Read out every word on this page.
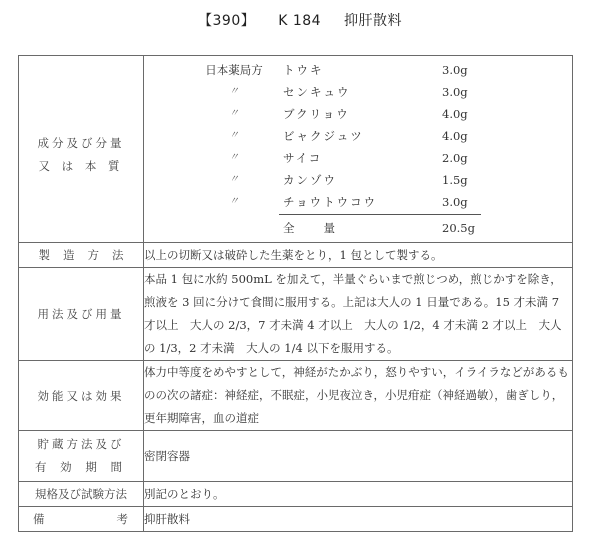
【390】 K 184 抑肝散料
成分及び分量
又 は 本 質

日本薬局方	トウキ	3.0g
〃	センキュウ	3.0g
〃	ブクリョウ	4.0g
〃	ビャクジュツ	4.0g
〃	サイコ	2.0g
〃	カンゾウ	1.5g
〃	チョウトウコウ	3.0g
全　　量	20.5g

製造方法	以上の切断又は破砕した生薬をとり，1 包として製する。
用法及び用量	本品 1 包に水約 500mL を加えて，半量ぐらいまで煎じつめ，煎じかすを除き，煎液を 3 回に分けて食間に服用する。上記は大人の 1 日量である。15 才未満 7 才以上　大人の 2/3，7 才未満 4 才以上　大人の 1/2，4 才未満 2 才以上　大人の 1/3，2 才未満　大人の 1/4 以下を服用する。
効能又は効果	体力中等度をめやすとして，神経がたかぶり，怒りやすい，イライラなどがあるものの次の諸症：神経症，不眠症，小児夜泣き，小児疳症（神経過敏），歯ぎしり，更年期障害，血の道症

貯蔵方法及び
有 効 期 間	密閉容器
規格及び試験方法	別記のとおり。

備 考	抑肝散料
